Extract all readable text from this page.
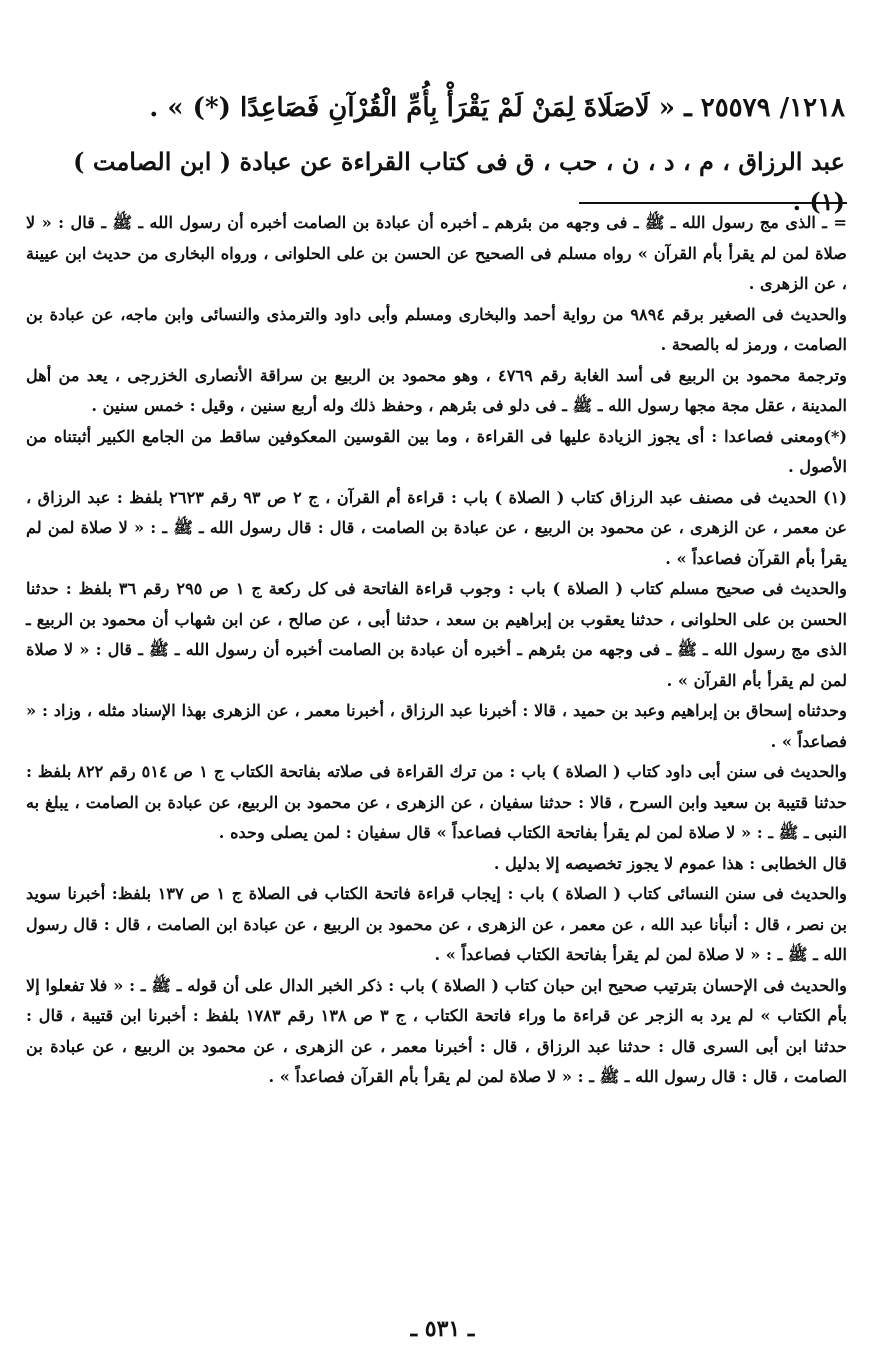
١٢١٨/ ٢٥٥٧٩ ـ « لَاصَلَاةَ لِمَنْ لَمْ يَقْرَأْ بِأُمِّ الْقُرْآنِ فَصَاعِدًا (*) » .
عبد الرزاق ، م ، د ، ن ، حب ، ق فى كتاب القراءة عن عبادة ( ابن الصامت ) (١) .

= ـ الذى مج رسول الله ـ ﷺ ـ فى وجهه من بئرهم ـ أخبره أن عبادة بن الصامت أخبره أن رسول الله ـ ﷺ ـ قال : « لا صلاة لمن لم يقرأ بأم القرآن » رواه مسلم فى الصحيح عن الحسن بن على الحلوانى ، ورواه البخارى من حديث ابن عيينة ، عن الزهرى .

والحديث فى الصغير برقم ٩٨٩٤ من رواية أحمد والبخارى ومسلم وأبى داود والترمذى والنسائى وابن ماجه، عن عبادة بن الصامت ، ورمز له بالصحة .

وترجمة محمود بن الربيع فى أسد الغابة رقم ٤٧٦٩ ، وهو محمود بن الربيع بن سراقة الأنصارى الخزرجى ، يعد من أهل المدينة ، عقل مجة مجها رسول الله ـ ﷺ ـ فى دلو فى بئرهم ، وحفظ ذلك وله أربع سنين ، وقيل : خمس سنين .

(*)ومعنى فصاعدا : أى يجوز الزيادة عليها فى القراءة ، وما بين القوسين المعكوفين ساقط من الجامع الكبير أثبتناه من الأصول .

(١) الحديث فى مصنف عبد الرزاق كتاب ( الصلاة ) باب : قراءة أم القرآن ، ج ٢ ص ٩٣ رقم ٢٦٢٣ بلفظ : عبد الرزاق ، عن معمر ، عن الزهرى ، عن محمود بن الربيع ، عن عبادة بن الصامت ، قال : قال رسول الله ـ ﷺ ـ : « لا صلاة لمن لم يقرأ بأم القرآن فصاعداً » .

والحديث فى صحيح مسلم كتاب ( الصلاة ) باب : وجوب قراءة الفاتحة فى كل ركعة ج ١ ص ٢٩٥ رقم ٣٦ بلفظ : حدثنا الحسن بن على الحلوانى ، حدثنا يعقوب بن إبراهيم بن سعد ، حدثنا أبى ، عن صالح ، عن ابن شهاب أن محمود بن الربيع ـ الذى مج رسول الله ـ ﷺ ـ فى وجهه من بئرهم ـ أخبره أن عبادة بن الصامت أخبره أن رسول الله ـ ﷺ ـ قال : « لا صلاة لمن لم يقرأ بأم القرآن » .

وحدثناه إسحاق بن إبراهيم وعبد بن حميد ، قالا : أخبرنا عبد الرزاق ، أخبرنا معمر ، عن الزهرى بهذا الإسناد مثله ، وزاد : « فصاعداً » .

والحديث فى سنن أبى داود كتاب ( الصلاة ) باب : من ترك القراءة فى صلاته بفاتحة الكتاب ج ١ ص ٥١٤ رقم ٨٢٢ بلفظ : حدثنا قتيبة بن سعيد وابن السرح ، قالا : حدثنا سفيان ، عن الزهرى ، عن محمود بن الربيع، عن عبادة بن الصامت ، يبلغ به النبى ـ ﷺ ـ : « لا صلاة لمن لم يقرأ بفاتحة الكتاب فصاعداً » قال سفيان : لمن يصلى وحده .

قال الخطابى : هذا عموم لا يجوز تخصيصه إلا بدليل .

والحديث فى سنن النسائى كتاب ( الصلاة ) باب : إيجاب قراءة فاتحة الكتاب فى الصلاة ج ١ ص ١٣٧ بلفظ: أخبرنا سويد بن نصر ، قال : أنبأنا عبد الله ، عن معمر ، عن الزهرى ، عن محمود بن الربيع ، عن عبادة ابن الصامت ، قال : قال رسول الله ـ ﷺ ـ : « لا صلاة لمن لم يقرأ بفاتحة الكتاب فصاعداً » .

والحديث فى الإحسان بترتيب صحيح ابن حبان كتاب ( الصلاة ) باب : ذكر الخبر الدال على أن قوله ـ ﷺ ـ : « فلا تفعلوا إلا بأم الكتاب » لم يرد به الزجر عن قراءة ما وراء فاتحة الكتاب ، ج ٣ ص ١٣٨ رقم ١٧٨٣ بلفظ : أخبرنا ابن قتيبة ، قال : حدثنا ابن أبى السرى قال : حدثنا عبد الرزاق ، قال : أخبرنا معمر ، عن الزهرى ، عن محمود بن الربيع ، عن عبادة بن الصامت ، قال : قال رسول الله ـ ﷺ ـ : « لا صلاة لمن لم يقرأ بأم القرآن فصاعداً » .

ـ ٥٣١ ـ
